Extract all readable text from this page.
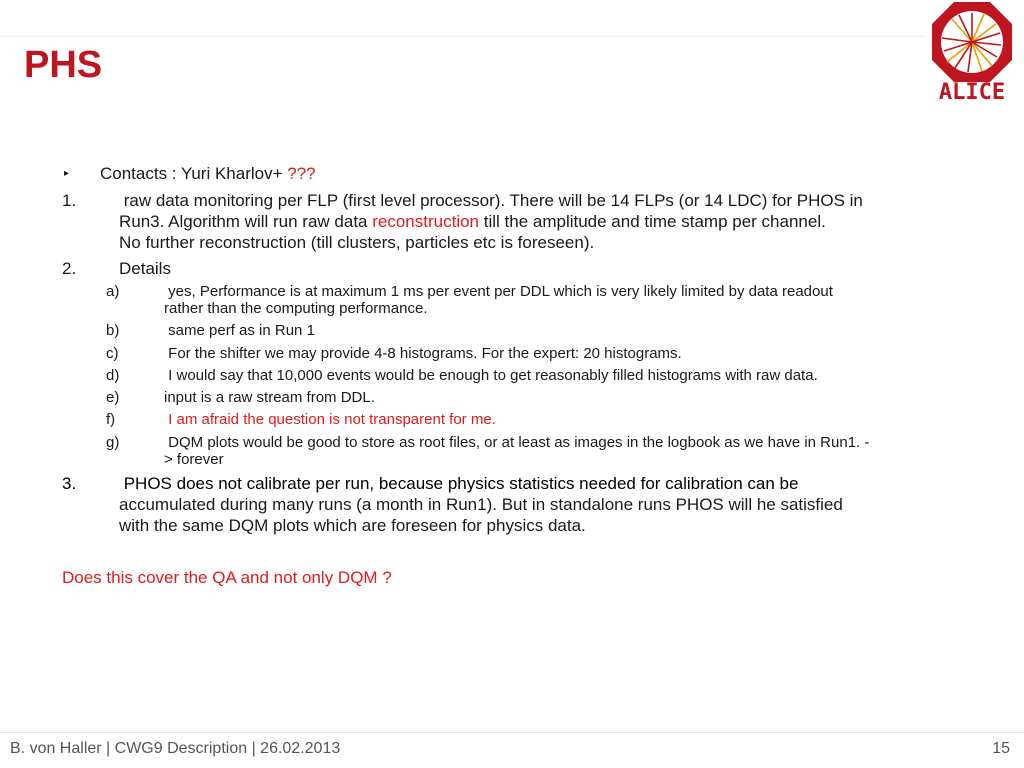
PHS
ALICE
▸ Contacts : Yuri Kharlov+ ???
1.	raw data monitoring per FLP (first level processor). There will be 14 FLPs (or 14 LDC) for PHOS in
Run3. Algorithm will run raw data reconstruction till the amplitude and time stamp per channel.
No further reconstruction (till clusters, particles etc is foreseen).
2.	Details
a)	yes, Performance is at maximum 1 ms per event per DDL which is very likely limited by data readout
rather than the computing performance.
b)	same perf as in Run 1
c)	For the shifter we may provide 4-8 histograms. For the expert: 20 histograms.
d)	I would say that 10,000 events would be enough to get reasonably filled histograms with raw data.
e)	input is a raw stream from DDL.
f)	I am afraid the question is not transparent for me.
g)	DQM plots would be good to store as root files, or at least as images in the logbook as we have in Run1. -
> forever
3.	PHOS does not calibrate per run, because physics statistics needed for calibration can be
accumulated during many runs (a month in Run1). But in standalone runs PHOS will he satisfied
with the same DQM plots which are foreseen for physics data.
Does this cover the QA and not only DQM ?
B. von Haller | CWG9 Description | 26.02.2013	15
